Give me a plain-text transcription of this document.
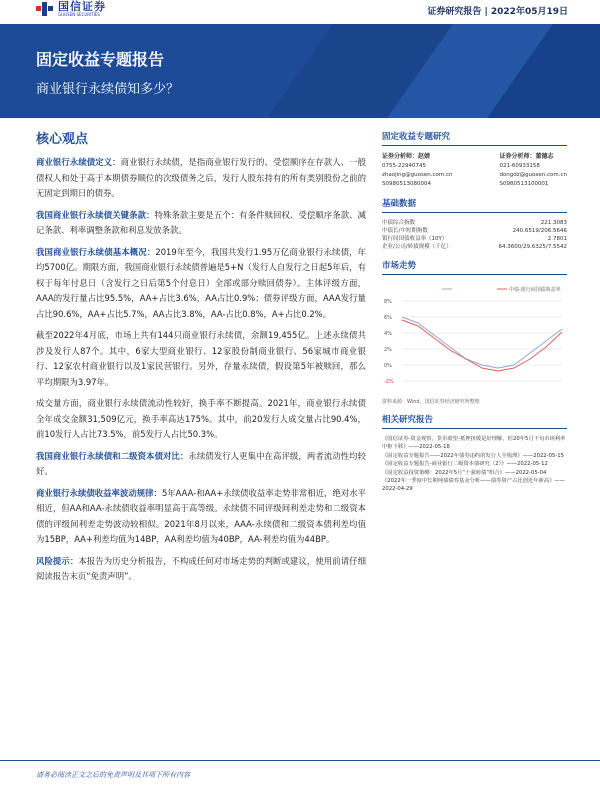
国信证券
GUOSEN SECURITIES	证券研究报告 | 2022年05月19日
固定收益专题报告
商业银行永续债知多少？
核心观点

商业银行永续债定义：商业银行永续债，是指商业银行发行的、受偿顺序在存款人、一般债权人和处于高于本期债券顺位的次级债务之后，发行人股东持有的所有类别股份之前的无固定到期日的债券。

我国商业银行永续债关键条款：特殊条款主要是五个：有条件赎回权、受偿顺序条款、减记条款、利率调整条款和利息发放条款。

我国商业银行永续债基本概况：2019年至今，我国共发行1.95万亿商业银行永续债，年均5700亿。期限方面，我国商业银行永续债普遍是5+N（发行人自发行之日起5年后，有权于每年付息日（含发行之日后第5个付息日）全部或部分赎回债券）。主体评级方面，AAA的发行量占比95.5%，AA+占比3.6%，AA占比0.9%；债券评级方面，AAA发行量占比90.6%，AA+占比5.7%，AA占比3.8%，AA-占比0.8%，A+占比0.2%。

截至2022年4月底，市场上共有144只商业银行永续债，余额19,455亿。上述永续债共涉及发行人87个。其中，6家大型商业银行、12家股份制商业银行、56家城市商业银行、12家农村商业银行以及1家民营银行。另外，存量永续债，假设第5年被赎回，那么平均期限为3.97年。

成交量方面，商业银行永续债流动性较好，换手率不断提高。2021年，商业银行永续债全年成交金额31,509亿元，换手率高达175%。其中，前20发行人成交量占比90.4%，前10发行人占比73.5%，前5发行人占比50.3%。

我国商业银行永续债和二级资本债对比：永续债发行人更集中在高评级，两者流动性均较好。

商业银行永续债收益率波动规律：5年AAA-和AA+永续债收益率走势非常相近，绝对水平相近，但AA和AA-永续债收益率明显高于高等级。永续债不同评级间利差走势和二级资本债的评级间利差走势波动较相似。2021年8月以来，AAA-永续债和二级资本债利差均值为15BP，AA+利差均值为14BP，AA利差均值为40BP，AA-利差均值为44BP。

风险提示：本报告为历史分析报告，不构成任何对市场走势的判断或建议，使用前请仔细阅读报告末页“免责声明”。

固定收益专题研究
证券分析师：赵婧
0755-22940745
zhaojing@guosen.com.cn
S0980513080004
证券分析师：董德志
021-60933158
dongdz@guosen.com.cn
S0980513100001
基础数据
中债综合指数	221.3083
中债长/中短期指数	240.6519/206.5646
银行间国债收益率（10Y）	2.7801
企业/公司/转债规模（千亿）	64.3600/29.6325/7.5542
市场走势
8%
6%
4%
2%
0%
-2%
中债-银行间国债收益率
资料来源：Wind、国信证券经济研究所整理
相关研究报告
《国信证券-资金观察，货币眼望-抵押扭缓是好理解，但20年5月下旬市场利率中枢下移》——2022-05-18
《固定收益专题报告——2022年债券违约的发行人全梳理》——2022-05-15
《固定收益专题报告-商业银行二级资本债研究（2）》——2022-05-12
《固定收益投资策略：2022年5月“十强转债”组合》——2022-05-04
《2022年一季度中长期纯债债券基金分析——债券资产占比创近年新高》——2022-04-29
请务必阅读正文之后的免责声明及其项下所有内容
